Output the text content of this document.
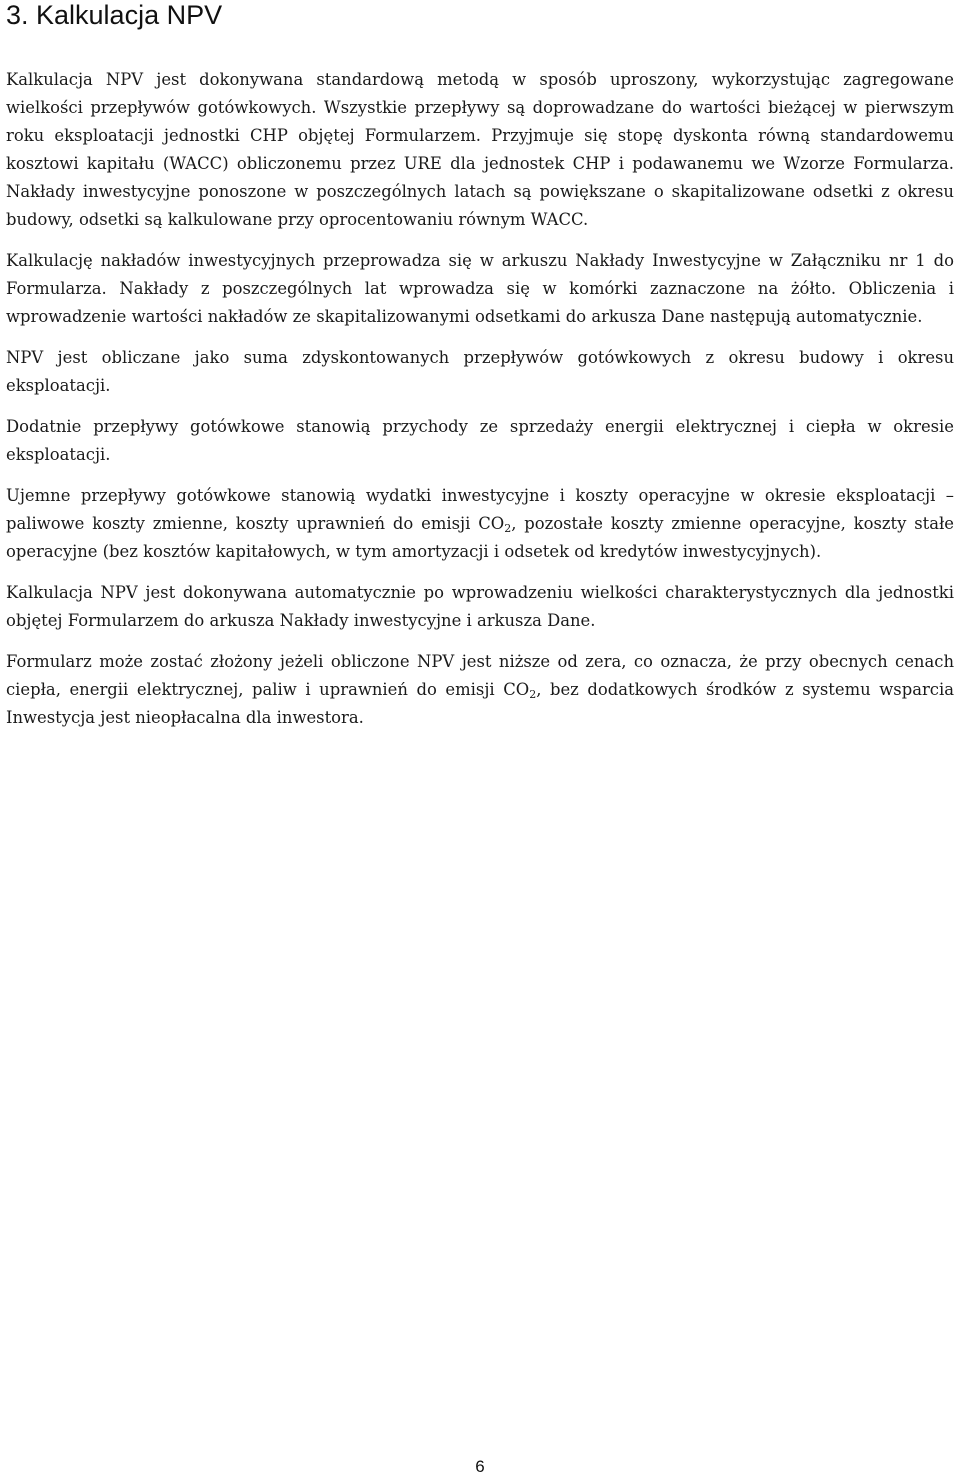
3. Kalkulacja NPV

Kalkulacja NPV jest dokonywana standardową metodą w sposób uproszony, wykorzystując zagregowane wielkości przepływów gotówkowych. Wszystkie przepływy są doprowadzane do wartości bieżącej w pierwszym roku eksploatacji jednostki CHP objętej Formularzem. Przyjmuje się stopę dyskonta równą standardowemu kosztowi kapitału (WACC) obliczonemu przez URE dla jednostek CHP i podawanemu we Wzorze Formularza. Nakłady inwestycyjne ponoszone w poszczególnych latach są powiększane o skapitalizowane odsetki z okresu budowy, odsetki są kalkulowane przy oprocentowaniu równym WACC.

Kalkulację nakładów inwestycyjnych przeprowadza się w arkuszu Nakłady Inwestycyjne w Załączniku nr 1 do Formularza. Nakłady z poszczególnych lat wprowadza się w komórki zaznaczone na żółto. Obliczenia i wprowadzenie wartości nakładów ze skapitalizowanymi odsetkami do arkusza Dane następują automatycznie.

NPV jest obliczane jako suma zdyskontowanych przepływów gotówkowych z okresu budowy i okresu eksploatacji.

Dodatnie przepływy gotówkowe stanowią przychody ze sprzedaży energii elektrycznej i ciepła w okresie eksploatacji.

Ujemne przepływy gotówkowe stanowią wydatki inwestycyjne i koszty operacyjne w okresie eksploatacji – paliwowe koszty zmienne, koszty uprawnień do emisji $CO_2$, pozostałe koszty zmienne operacyjne, koszty stałe operacyjne (bez kosztów kapitałowych, w tym amortyzacji i odsetek od kredytów inwestycyjnych).

Kalkulacja NPV jest dokonywana automatycznie po wprowadzeniu wielkości charakterystycznych dla jednostki objętej Formularzem do arkusza Nakłady inwestycyjne i arkusza Dane.

Formularz może zostać złożony jeżeli obliczone NPV jest niższe od zera, co oznacza, że przy obecnych cenach ciepła, energii elektrycznej, paliw i uprawnień do emisji $CO_2$, bez dodatkowych środków z systemu wsparcia Inwestycja jest nieopłacalna dla inwestora.

6
